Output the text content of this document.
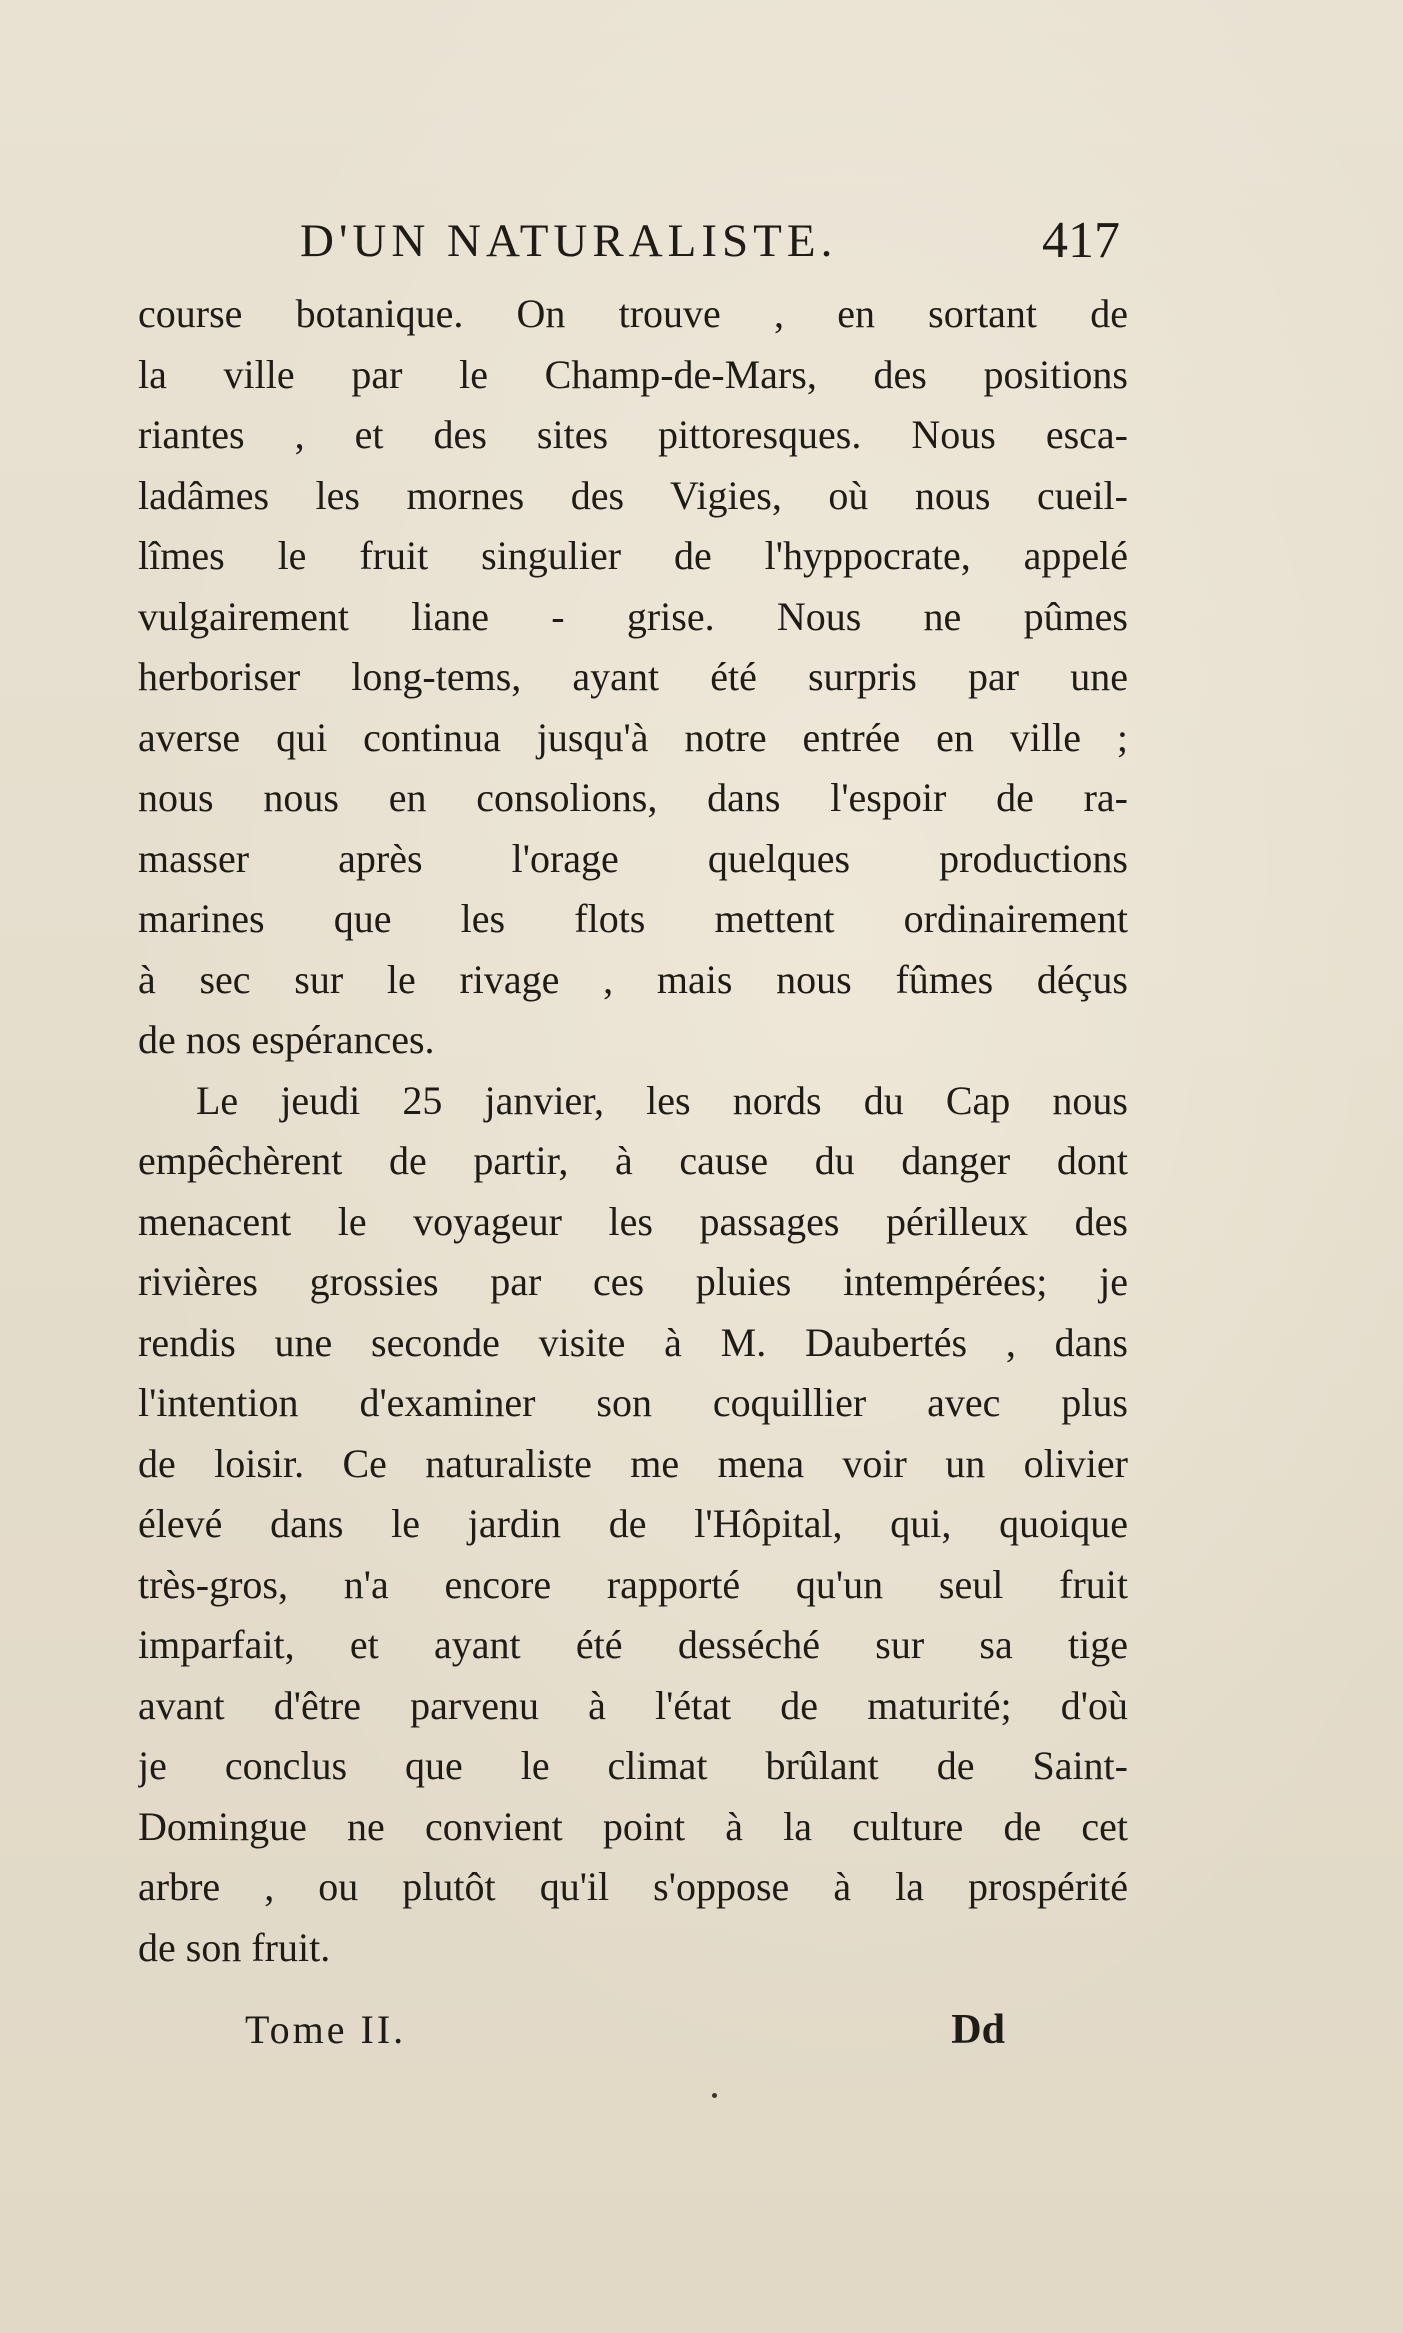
D'UN NATURALISTE.	417
course botanique. On trouve , en sortant de
la ville par le Champ-de-Mars, des positions
riantes , et des sites pittoresques. Nous esca-
ladâmes les mornes des Vigies, où nous cueil-
lîmes le fruit singulier de l'hyppocrate, appelé
vulgairement liane - grise. Nous ne pûmes
herboriser long-tems, ayant été surpris par une
averse qui continua jusqu'à notre entrée en ville ;
nous nous en consolions, dans l'espoir de ra-
masser après l'orage quelques productions
marines que les flots mettent ordinairement
à sec sur le rivage , mais nous fûmes déçus
de nos espérances.
Le jeudi 25 janvier, les nords du Cap nous
empêchèrent de partir, à cause du danger dont
menacent le voyageur les passages périlleux des
rivières grossies par ces pluies intempérées; je
rendis une seconde visite à M. Daubertés , dans
l'intention d'examiner son coquillier avec plus
de loisir. Ce naturaliste me mena voir un olivier
élevé dans le jardin de l'Hôpital, qui, quoique
très-gros, n'a encore rapporté qu'un seul fruit
imparfait, et ayant été desséché sur sa tige
avant d'être parvenu à l'état de maturité; d'où
je conclus que le climat brûlant de Saint-
Domingue ne convient point à la culture de cet
arbre , ou plutôt qu'il s'oppose à la prospérité
de son fruit.
Tome II.	Dd
